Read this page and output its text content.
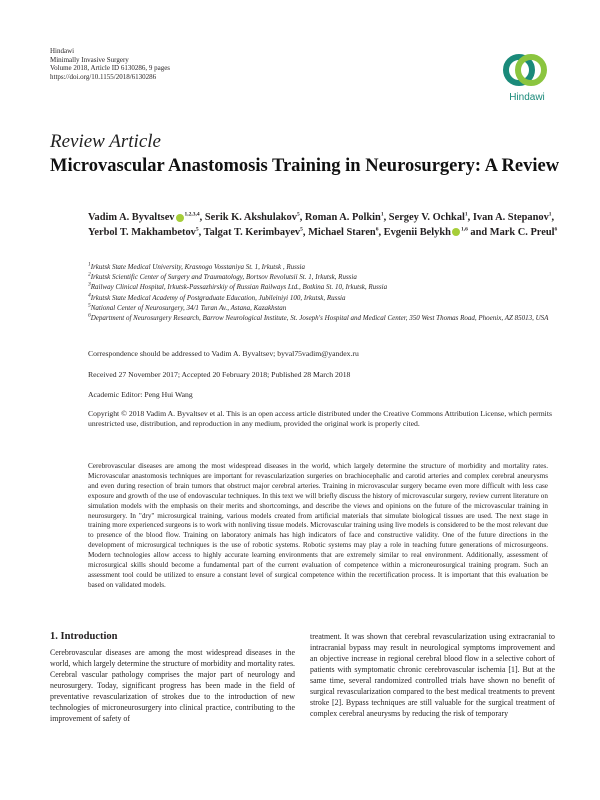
Hindawi
Minimally Invasive Surgery
Volume 2018, Article ID 6130286, 9 pages
https://doi.org/10.1155/2018/6130286
Hindawi
Review Article
Microvascular Anastomosis Training in Neurosurgery: A Review
Vadim A. Byvaltsev $^{1,2,3,4}$, Serik K. Akshulakov$^5$, Roman A. Polkin$^1$, Sergey V. Ochkal$^1$, Ivan A. Stepanov$^1$, Yerbol T. Makhambetov$^5$, Talgat T. Kerimbayev$^5$, Michael Staren$^6$, Evgenii Belykh $^{1,6}$ and Mark C. Preul$^6$
$^1$Irkutsk State Medical University, Krasnogo Vosstaniya St. 1, Irkutsk , Russia
$^2$Irkutsk Scientific Center of Surgery and Traumatology, Bortsov Revolutsii St. 1, Irkutsk, Russia
$^3$Railway Clinical Hospital, Irkutsk-Passazhirskiy of Russian Railways Ltd., Botkina St. 10, Irkutsk, Russia
$^4$Irkutsk State Medical Academy of Postgraduate Education, Jubileiniyi 100, Irkutsk, Russia
$^5$National Center of Neurosurgery, 34/1 Turan Av., Astana, Kazakhstan
$^6$Department of Neurosurgery Research, Barrow Neurological Institute, St. Joseph's Hospital and Medical Center, 350 West Thomas Road, Phoenix, AZ 85013, USA
Correspondence should be addressed to Vadim A. Byvaltsev; byval75vadim@yandex.ru
Received 27 November 2017; Accepted 20 February 2018; Published 28 March 2018
Academic Editor: Peng Hui Wang
Copyright © 2018 Vadim A. Byvaltsev et al. This is an open access article distributed under the Creative Commons Attribution License, which permits unrestricted use, distribution, and reproduction in any medium, provided the original work is properly cited.
Cerebrovascular diseases are among the most widespread diseases in the world, which largely determine the structure of morbidity and mortality rates. Microvascular anastomosis techniques are important for revascularization surgeries on brachiocephalic and carotid arteries and complex cerebral aneurysms and even during resection of brain tumors that obstruct major cerebral arteries. Training in microvascular surgery became even more difficult with less case exposure and growth of the use of endovascular techniques. In this text we will briefly discuss the history of microvascular surgery, review current literature on simulation models with the emphasis on their merits and shortcomings, and describe the views and opinions on the future of the microvascular training in neurosurgery. In "dry" microsurgical training, various models created from artificial materials that simulate biological tissues are used. The next stage in training more experienced surgeons is to work with nonliving tissue models. Microvascular training using live models is considered to be the most relevant due to presence of the blood flow. Training on laboratory animals has high indicators of face and constructive validity. One of the future directions in the development of microsurgical techniques is the use of robotic systems. Robotic systems may play a role in teaching future generations of microsurgeons. Modern technologies allow access to highly accurate learning environments that are extremely similar to real environment. Additionally, assessment of microsurgical skills should become a fundamental part of the current evaluation of competence within a microneurosurgical training program. Such an assessment tool could be utilized to ensure a constant level of surgical competence within the recertification process. It is important that this evaluation be based on validated models.
1. Introduction
Cerebrovascular diseases are among the most widespread diseases in the world, which largely determine the structure of morbidity and mortality rates. Cerebral vascular pathology comprises the major part of neurology and neurosurgery. Today, significant progress has been made in the field of preventative revascularization of strokes due to the introduction of new technologies of microneurosurgery into clinical practice, contributing to the improvement of safety of
treatment. It was shown that cerebral revascularization using extracranial to intracranial bypass may result in neurological symptoms improvement and an objective increase in regional cerebral blood flow in a selective cohort of patients with symptomatic chronic cerebrovascular ischemia [1]. But at the same time, several randomized controlled trials have shown no benefit of surgical revascularization compared to the best medical treatments to prevent stroke [2]. Bypass techniques are still valuable for the surgical treatment of complex cerebral aneurysms by reducing the risk of temporary
